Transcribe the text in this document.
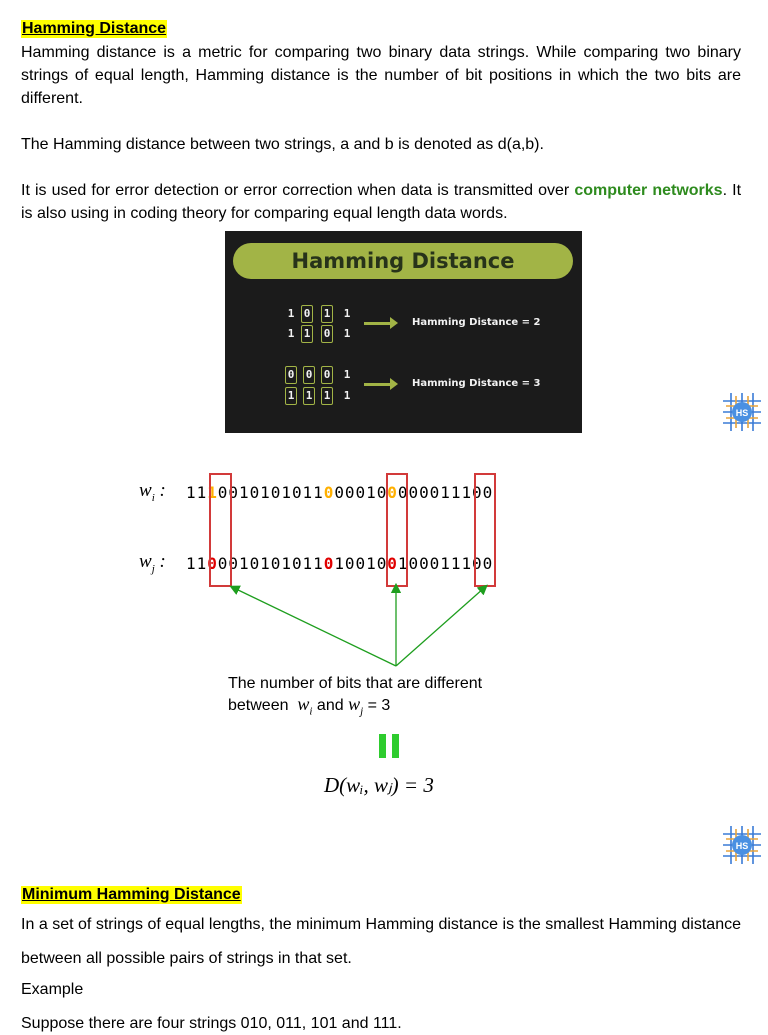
Hamming Distance
Hamming distance is a metric for comparing two binary data strings. While comparing two binary strings of equal length, Hamming distance is the number of bit positions in which the two bits are different.
The Hamming distance between two strings, a and b is denoted as d(a,b).
It is used for error detection or error correction when data is transmitted over computer networks. It is also using in coding theory for comparing equal length data words.
Hamming Distance
1 0 1 1
1 1 0 1
Hamming Distance = 2
0 0 0 1
1 1 1 1
Hamming Distance = 3
HS
HS
$w_i$ :
$w_j$ :
11100101010110000100000011100
11000101010110100100100011100
The number of bits that are different
between $w_i$ and $w_j = 3$
D(wᵢ, wⱼ) = 3
Minimum Hamming Distance
In a set of strings of equal lengths, the minimum Hamming distance is the smallest Hamming distance between all possible pairs of strings in that set.
Example
Suppose there are four strings 010, 011, 101 and 111.
